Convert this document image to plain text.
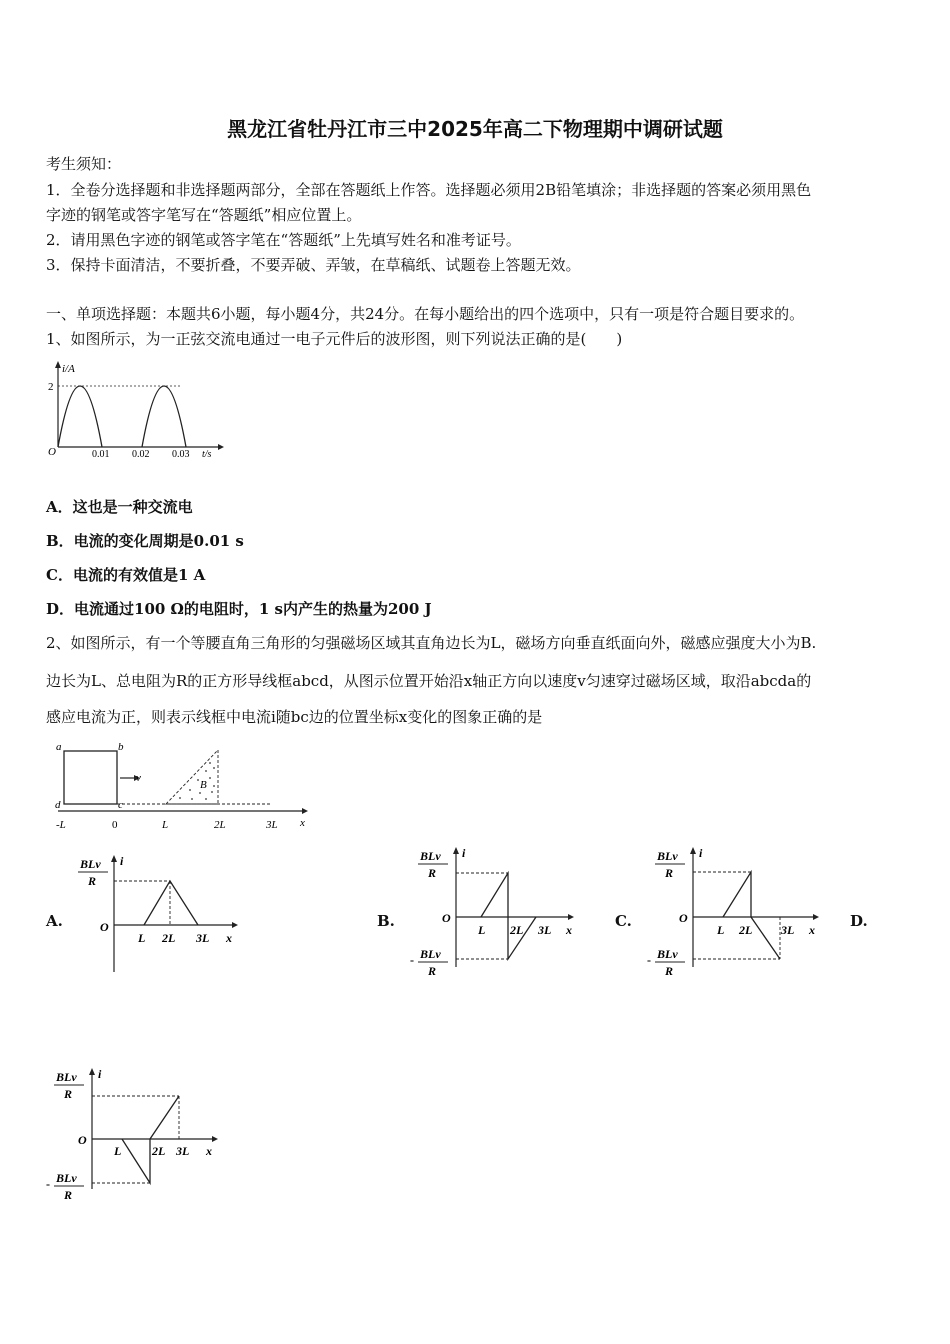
黑龙江省牡丹江市三中2025年高二下物理期中调研试题
考生须知：
1．全卷分选择题和非选择题两部分，全部在答题纸上作答。选择题必须用2B铅笔填涂；非选择题的答案必须用黑色
字迹的钢笔或答字笔写在“答题纸”相应位置上。
2．请用黑色字迹的钢笔或答字笔在“答题纸”上先填写姓名和准考证号。
3．保持卡面清洁，不要折叠，不要弄破、弄皱，在草稿纸、试题卷上答题无效。
一、单项选择题：本题共6小题，每小题4分，共24分。在每小题给出的四个选项中，只有一项是符合题目要求的。
1、如图所示，为一正弦交流电通过一电子元件后的波形图，则下列说法正确的是(　　)
i/A
2
O	0.01 0.02 0.03 t/s
A．这也是一种交流电
B．电流的变化周期是0.01 s
C．电流的有效值是1 A
D．电流通过100 Ω的电阻时，1 s内产生的热量为200 J
2、如图所示，有一个等腰直角三角形的匀强磁场区域其直角边长为L，磁场方向垂直纸面向外，磁感应强度大小为B.
边长为L、总电阻为R的正方形导线框abcd，从图示位置开始沿x轴正方向以速度v匀速穿过磁场区域，取沿abcda的
感应电流为正，则表示线框中电流i随bc边的位置坐标x变化的图象正确的是
a	b
c
d
v
B
-L	0	L	2L	3L x
A.	B.	C.	D.
BLv
R
i
O
L 2L 3L x
BLv
R
i
O
L 2L 3L x
- BLv
R
BLv
R
i
O
L 2L 3L x
- BLv
R
BLv
R
i
O
L	2L 3L x
- BLv
R
